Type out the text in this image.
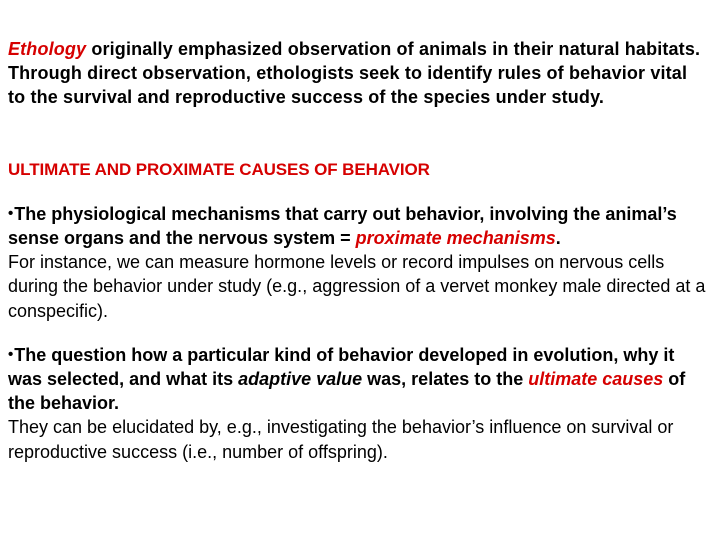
Ethology originally emphasized observation of animals in their natural habitats. Through direct observation, ethologists seek to identify rules of behavior vital to the survival and reproductive success of the species under study.
ULTIMATE AND PROXIMATE CAUSES OF BEHAVIOR
•The physiological mechanisms that carry out behavior, involving the animal’s sense organs and the nervous system = proximate mechanisms.
For instance, we can measure hormone levels or record impulses on nervous cells during the behavior under study (e.g., aggression of a vervet monkey male directed at a conspecific).
•The question how a particular kind of behavior developed in evolution, why it was selected, and what its adaptive value was, relates to the ultimate causes of the behavior.
They can be elucidated by, e.g., investigating the behavior’s influence on survival or reproductive success (i.e., number of offspring).
